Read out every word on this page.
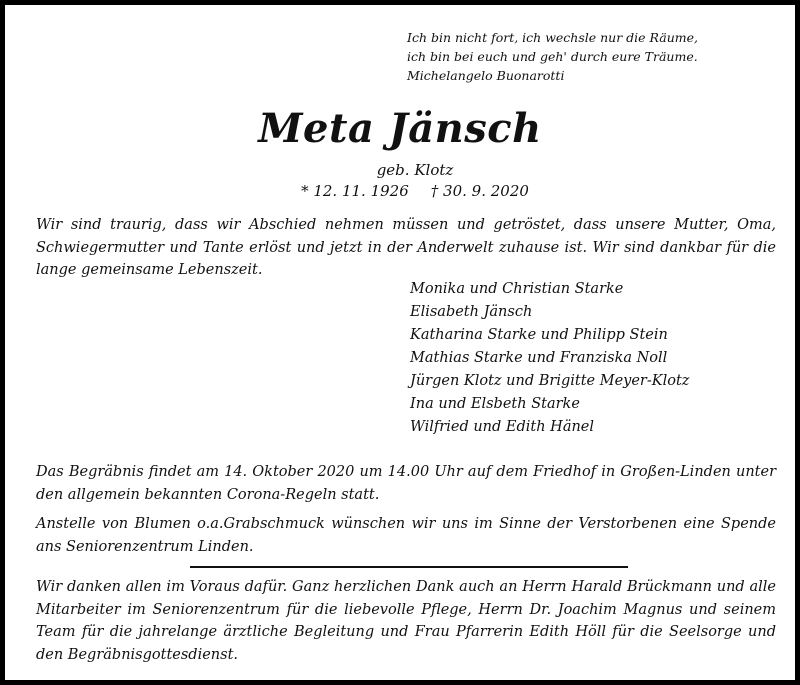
Ich bin nicht fort, ich wechsle nur die Räume,
ich bin bei euch und geh' durch eure Träume.
Michelangelo Buonarotti
Meta Jänsch
geb. Klotz
* 12. 11. 1926 † 30. 9. 2020

Wir sind traurig, dass wir Abschied nehmen müssen und getröstet, dass unsere Mutter, Oma, Schwiegermutter und Tante erlöst und jetzt in der Anderwelt zuhause ist. Wir sind dankbar für die lange gemeinsame Lebenszeit.

Monika und Christian Starke
Elisabeth Jänsch
Katharina Starke und Philipp Stein
Mathias Starke und Franziska Noll
Jürgen Klotz und Brigitte Meyer-Klotz
Ina und Elsbeth Starke
Wilfried und Edith Hänel

Das Begräbnis findet am 14. Oktober 2020 um 14.00 Uhr auf dem Friedhof in Großen-Linden unter den allgemein bekannten Corona-Regeln statt.

Anstelle von Blumen o.a.Grabschmuck wünschen wir uns im Sinne der Verstorbenen eine Spende ans Seniorenzentrum Linden.

Wir danken allen im Voraus dafür. Ganz herzlichen Dank auch an Herrn Harald Brückmann und alle Mitarbeiter im Seniorenzentrum für die liebevolle Pflege, Herrn Dr. Joachim Magnus und seinem Team für die jahrelange ärztliche Begleitung und Frau Pfarrerin Edith Höll für die Seelsorge und den Begräbnisgottesdienst.
